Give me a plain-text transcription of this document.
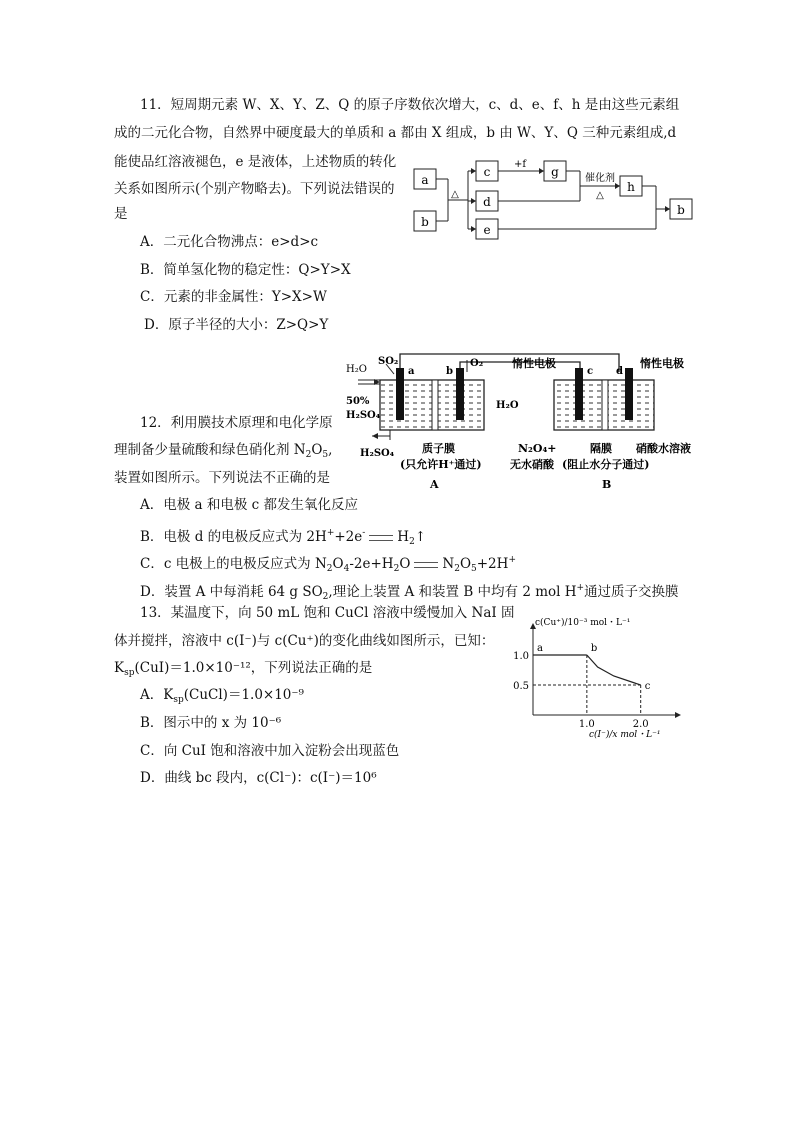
11．短周期元素 W、X、Y、Z、Q 的原子序数依次增大，c、d、e、f、h 是由这些元素组
成的二元化合物，自然界中硬度最大的单质和 a 都由 X 组成，b 由 W、Y、Q 三种元素组成,d
能使品红溶液褪色，e 是液体，上述物质的转化
关系如图所示(个别产物略去)。下列说法错误的
是
A．二元化合物沸点：e>d>c
B．简单氢化物的稳定性：Q>Y>X
C．元素的非金属性：Y>X>W
D．原子半径的大小：Z>Q>Y
a
b
c
d
e
g
h
b
+f
△
催化剂
△
12．利用膜技术原理和电化学原
理制备少量硫酸和绿色硝化剂 $N_2O_5$,
装置如图所示。下列说法不正确的是
A．电极 a 和电极 c 都发生氧化反应
B．电极 d 的电极反应式为 2H++2e- $H_2↑$
C．c 电极上的电极反应式为 $N_2O_4-2e+H_2O$ $N_2O_5+2H^+$
D．装置 A 中每消耗 64 g $SO_2$,理论上装置 A 和装置 B 中均有 2 mol H+通过质子交换膜
H₂O
SO₂
a	b
O₂
50%
H₂SO₄
H₂O
H₂SO₄	质子膜
(只允许H⁺通过)
A
惰性电极
c d
惰性电极
N₂O₄+
无水硝酸
隔膜
(阻止水分子通过)
硝酸水溶液
B
13．某温度下，向 50 mL 饱和 CuCl 溶液中缓慢加入 NaI 固
体并搅拌，溶液中 c(I⁻)与 c(Cu⁺)的变化曲线如图所示，已知：
$K_{sp}(CuI)=1.0\times 10^{-12}$，下列说法正确的是
A．$K_{sp}(CuCl)=1.0\times 10^{-9}$
B．图示中的 x 为 10⁻⁶
C．向 CuI 饱和溶液中加入淀粉会出现蓝色
D．曲线 bc 段内，c(Cl⁻)：c(I⁻)＝10⁶
a	b
c
1.0
0.5
1.0	2.0
c(Cu⁺)/10⁻³ mol・L⁻¹
c(I⁻)/x mol・L⁻¹
